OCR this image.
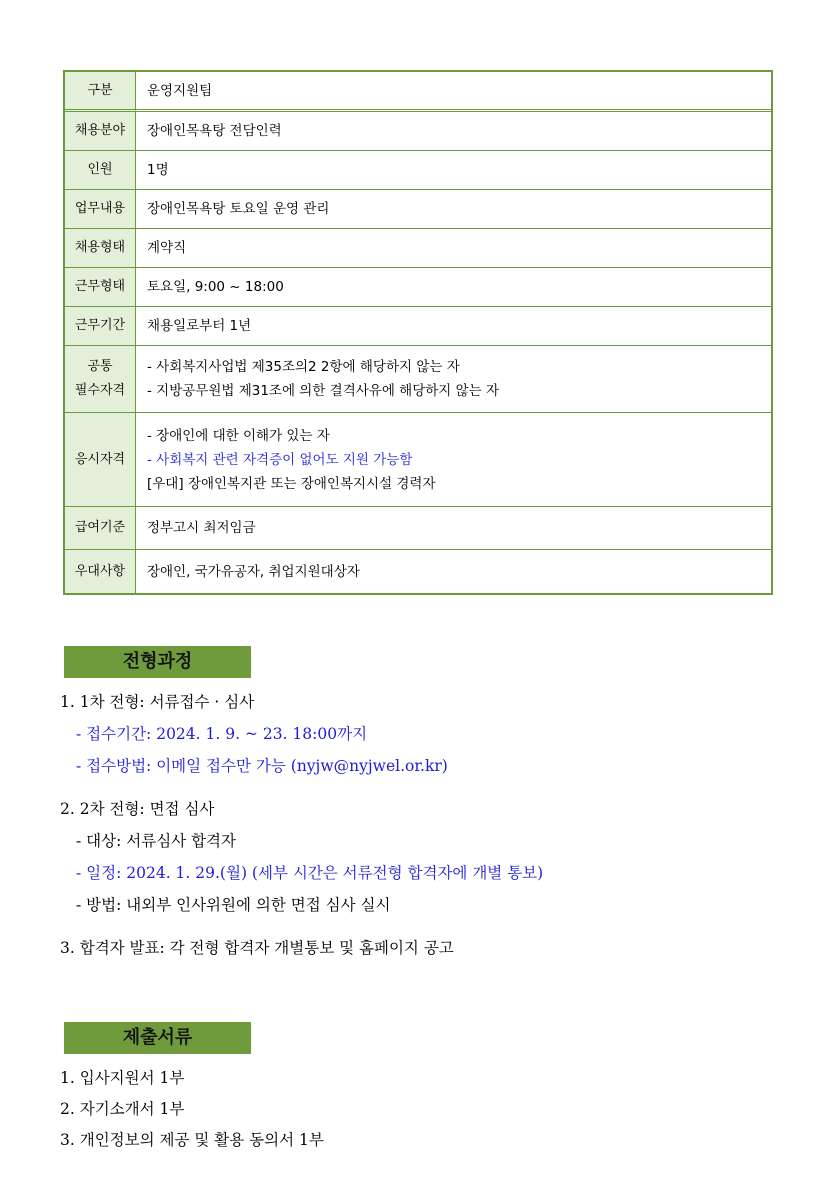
구분	운영지원팀

채용분야	장애인목욕탕 전담인력

인원	1명

업무내용	장애인목욕탕 토요일 운영 관리

채용형태	계약직

근무형태	토요일, 9:00 ~ 18:00

근무기간	채용일로부터 1년

공통
필수자격	- 사회복지사업법 제35조의2 2항에 해당하지 않는 자
- 지방공무원법 제31조에 의한 결격사유에 해당하지 않는 자

응시자격	- 장애인에 대한 이해가 있는 자
- 사회복지 관련 자격증이 없어도 지원 가능함
[우대] 장애인복지관 또는 장애인복지시설 경력자

급여기준	정부고시 최저임금

우대사항	장애인, 국가유공자, 취업지원대상자
전형과정
1. 1차 전형: 서류접수 · 심사
- 접수기간: 2024. 1. 9. ~ 23. 18:00까지
- 접수방법: 이메일 접수만 가능 (nyjw@nyjwel.or.kr)
2. 2차 전형: 면접 심사
- 대상: 서류심사 합격자
- 일정: 2024. 1. 29.(월) (세부 시간은 서류전형 합격자에 개별 통보)
- 방법: 내외부 인사위원에 의한 면접 심사 실시
3. 합격자 발표: 각 전형 합격자 개별통보 및 홈페이지 공고
제출서류
1. 입사지원서 1부
2. 자기소개서 1부
3. 개인정보의 제공 및 활용 동의서 1부
